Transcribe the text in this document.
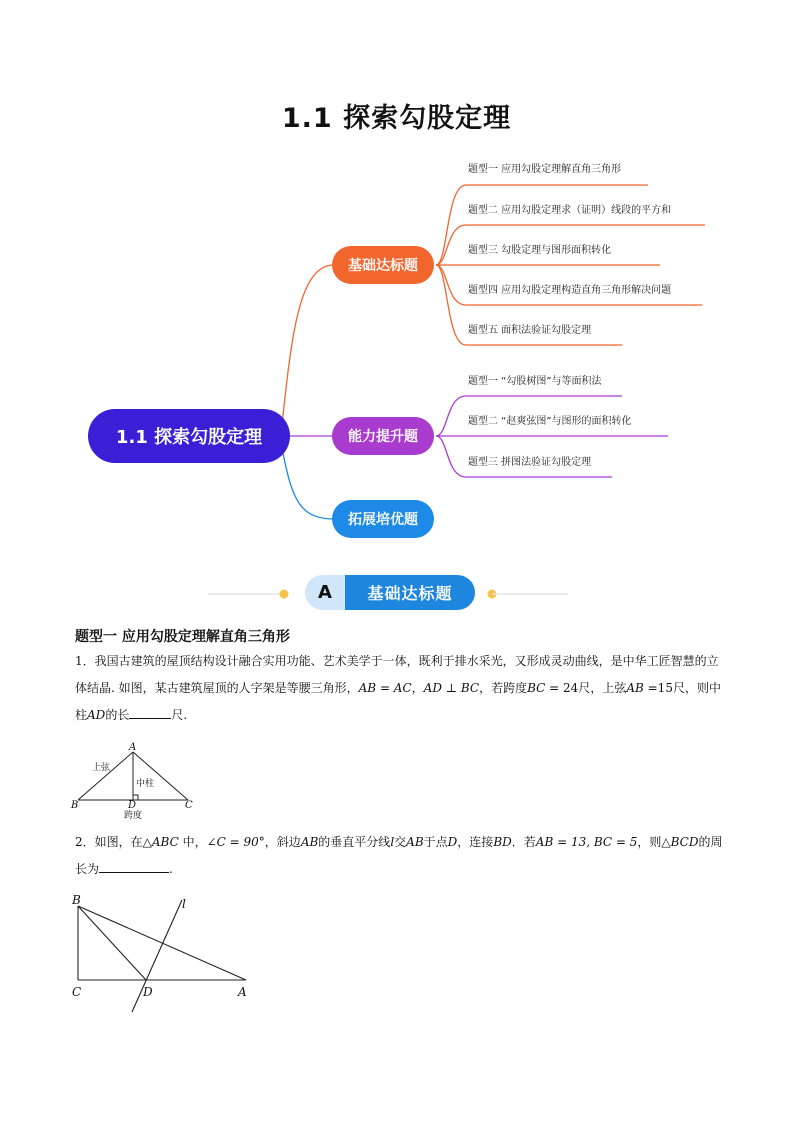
1.1 探索勾股定理
1.1 探索勾股定理
基础达标题
能力提升题
拓展培优题
题型一 应用勾股定理解直角三角形
题型二 应用勾股定理求（证明）线段的平方和
题型三 勾股定理与图形面积转化
题型四 应用勾股定理构造直角三角形解决问题
题型五 面积法验证勾股定理
题型一 “勾股树图”与等面积法
题型二 “赵爽弦图”与图形的面积转化
题型三 拼图法验证勾股定理
A	基础达标题
题型一 应用勾股定理解直角三角形
1．我国古建筑的屋顶结构设计融合实用功能、艺术美学于一体，既利于排水采光，又形成灵动曲线，是中华工匠智慧的立体结晶. 如图，某古建筑屋顶的人字架是等腰三角形，AB = AC，AD ⊥ BC，若跨度BC = 24尺，上弦AB =15尺，则中柱AD的长	尺.
A
B	C
D
上弦
中柱
跨度
2．如图，在△ABC 中，∠C = 90°，斜边AB的垂直平分线l交AB于点D，连接BD．若AB = 13, BC = 5，则△BCD的周长为	.
B
C	D	A
l
